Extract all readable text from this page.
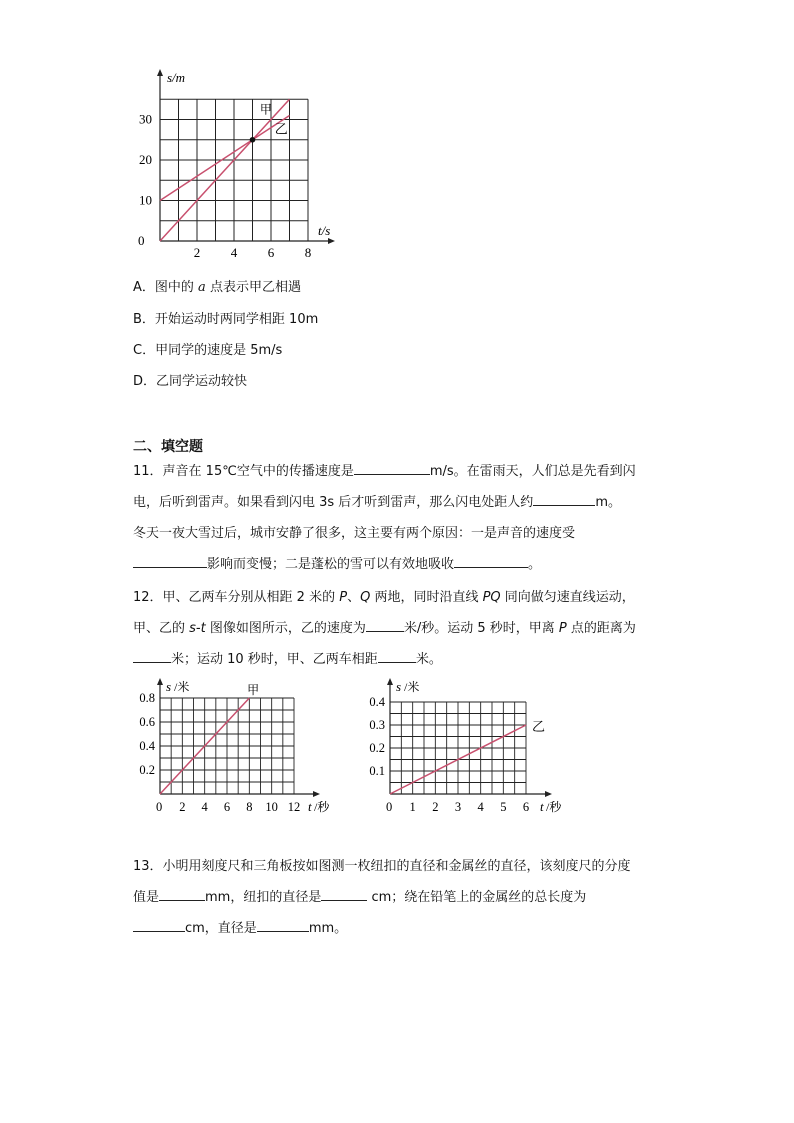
10
20
30
2 4 6 8
0
s/m
t/s
甲
乙
A．图中的 a 点表示甲乙相遇
B．开始运动时两同学相距 10m
C．甲同学的速度是 5m/s
D．乙同学运动较快
二、填空题
11．声音在 15℃空气中的传播速度是	m/s。在雷雨天，人们总是先看到闪
电，后听到雷声。如果看到闪电 3s 后才听到雷声，那么闪电处距人约	m。
冬天一夜大雪过后，城市安静了很多，这主要有两个原因：一是声音的速度受
影响而变慢；二是蓬松的雪可以有效地吸收	。
12．甲、乙两车分别从相距 2 米的 P、Q 两地，同时沿直线 PQ 同向做匀速直线运动，
甲、乙的 s-t 图像如图所示，乙的速度为	米/秒。运动 5 秒时，甲离 P 点的距离为
米；运动 10 秒时，甲、乙两车相距	米。
0.2
0.4
0.6
0.8
2 4 6 8 10 12
0
s /米
t /秒
甲
0.1
0.2
0.3
0.4
1 2 3 4 5 6
0
s /米
t /秒
乙
13．小明用刻度尺和三角板按如图测一枚纽扣的直径和金属丝的直径，该刻度尺的分度
值是	mm，纽扣的直径是	cm；绕在铅笔上的金属丝的总长度为
cm，直径是	mm。
